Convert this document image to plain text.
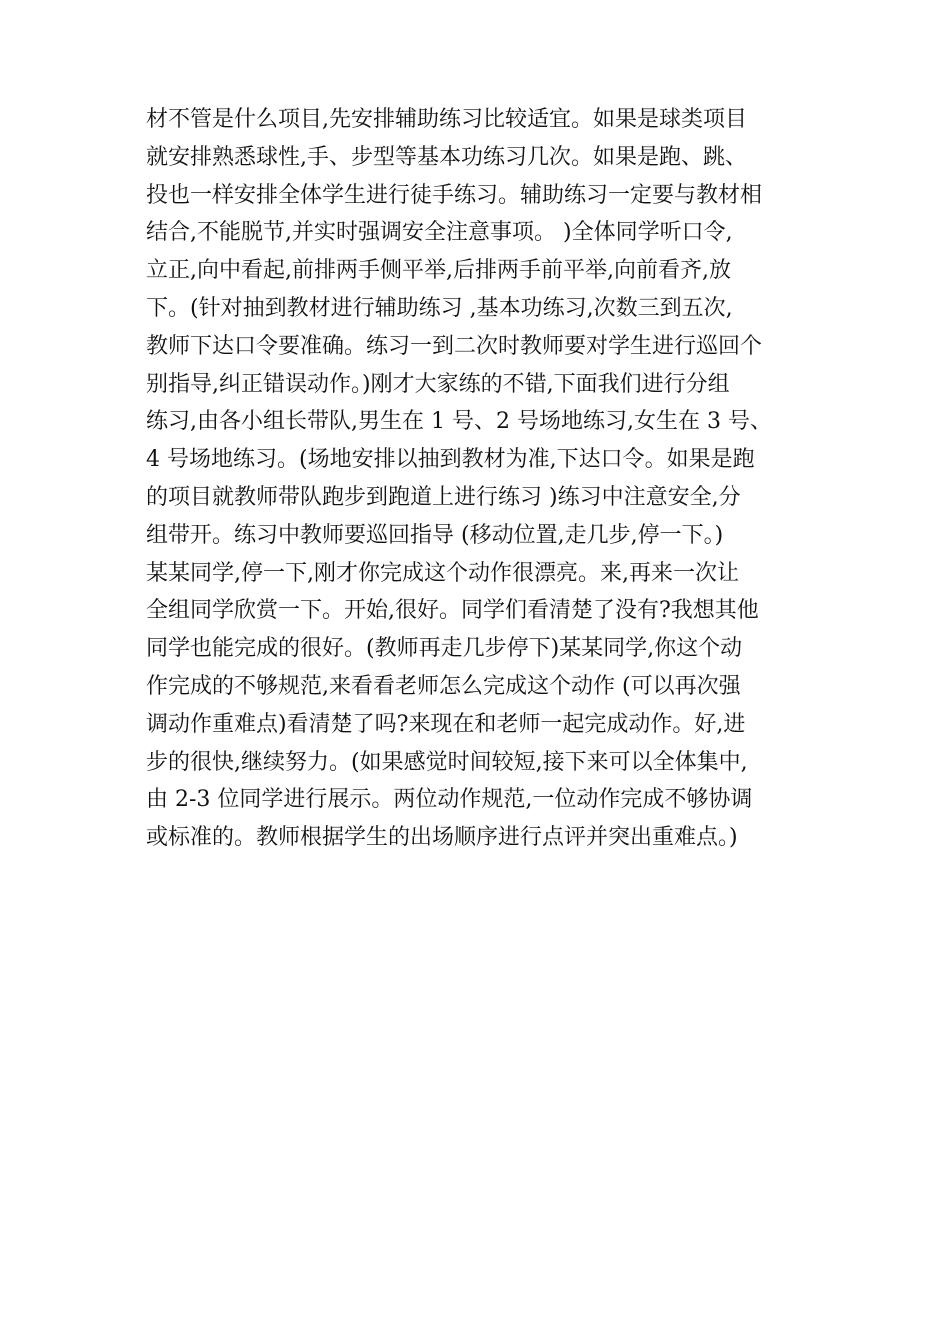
材不管是什么项目,先安排辅助练习比较适宜。如果是球类项目
就安排熟悉球性,手、步型等基本功练习几次。如果是跑、跳、
投也一样安排全体学生进行徒手练习。辅助练习一定要与教材相
结合,不能脱节,并实时强调安全注意事项。 )全体同学听口令,
立正,向中看起,前排两手侧平举,后排两手前平举,向前看齐,放
下。(针对抽到教材进行辅助练习 ,基本功练习,次数三到五次,
教师下达口令要准确。练习一到二次时教师要对学生进行巡回个
别指导,纠正错误动作。)刚才大家练的不错,下面我们进行分组
练习,由各小组长带队,男生在 1 号、2 号场地练习,女生在 3 号、
4 号场地练习。(场地安排以抽到教材为准,下达口令。如果是跑
的项目就教师带队跑步到跑道上进行练习 )练习中注意安全,分
组带开。练习中教师要巡回指导 (移动位置,走几步,停一下。)
某某同学,停一下,刚才你完成这个动作很漂亮。来,再来一次让
全组同学欣赏一下。开始,很好。同学们看清楚了没有?我想其他
同学也能完成的很好。(教师再走几步停下)某某同学,你这个动
作完成的不够规范,来看看老师怎么完成这个动作 (可以再次强
调动作重难点)看清楚了吗?来现在和老师一起完成动作。好,进
步的很快,继续努力。(如果感觉时间较短,接下来可以全体集中,
由 2-3 位同学进行展示。两位动作规范,一位动作完成不够协调
或标准的。教师根据学生的出场顺序进行点评并突出重难点。)
